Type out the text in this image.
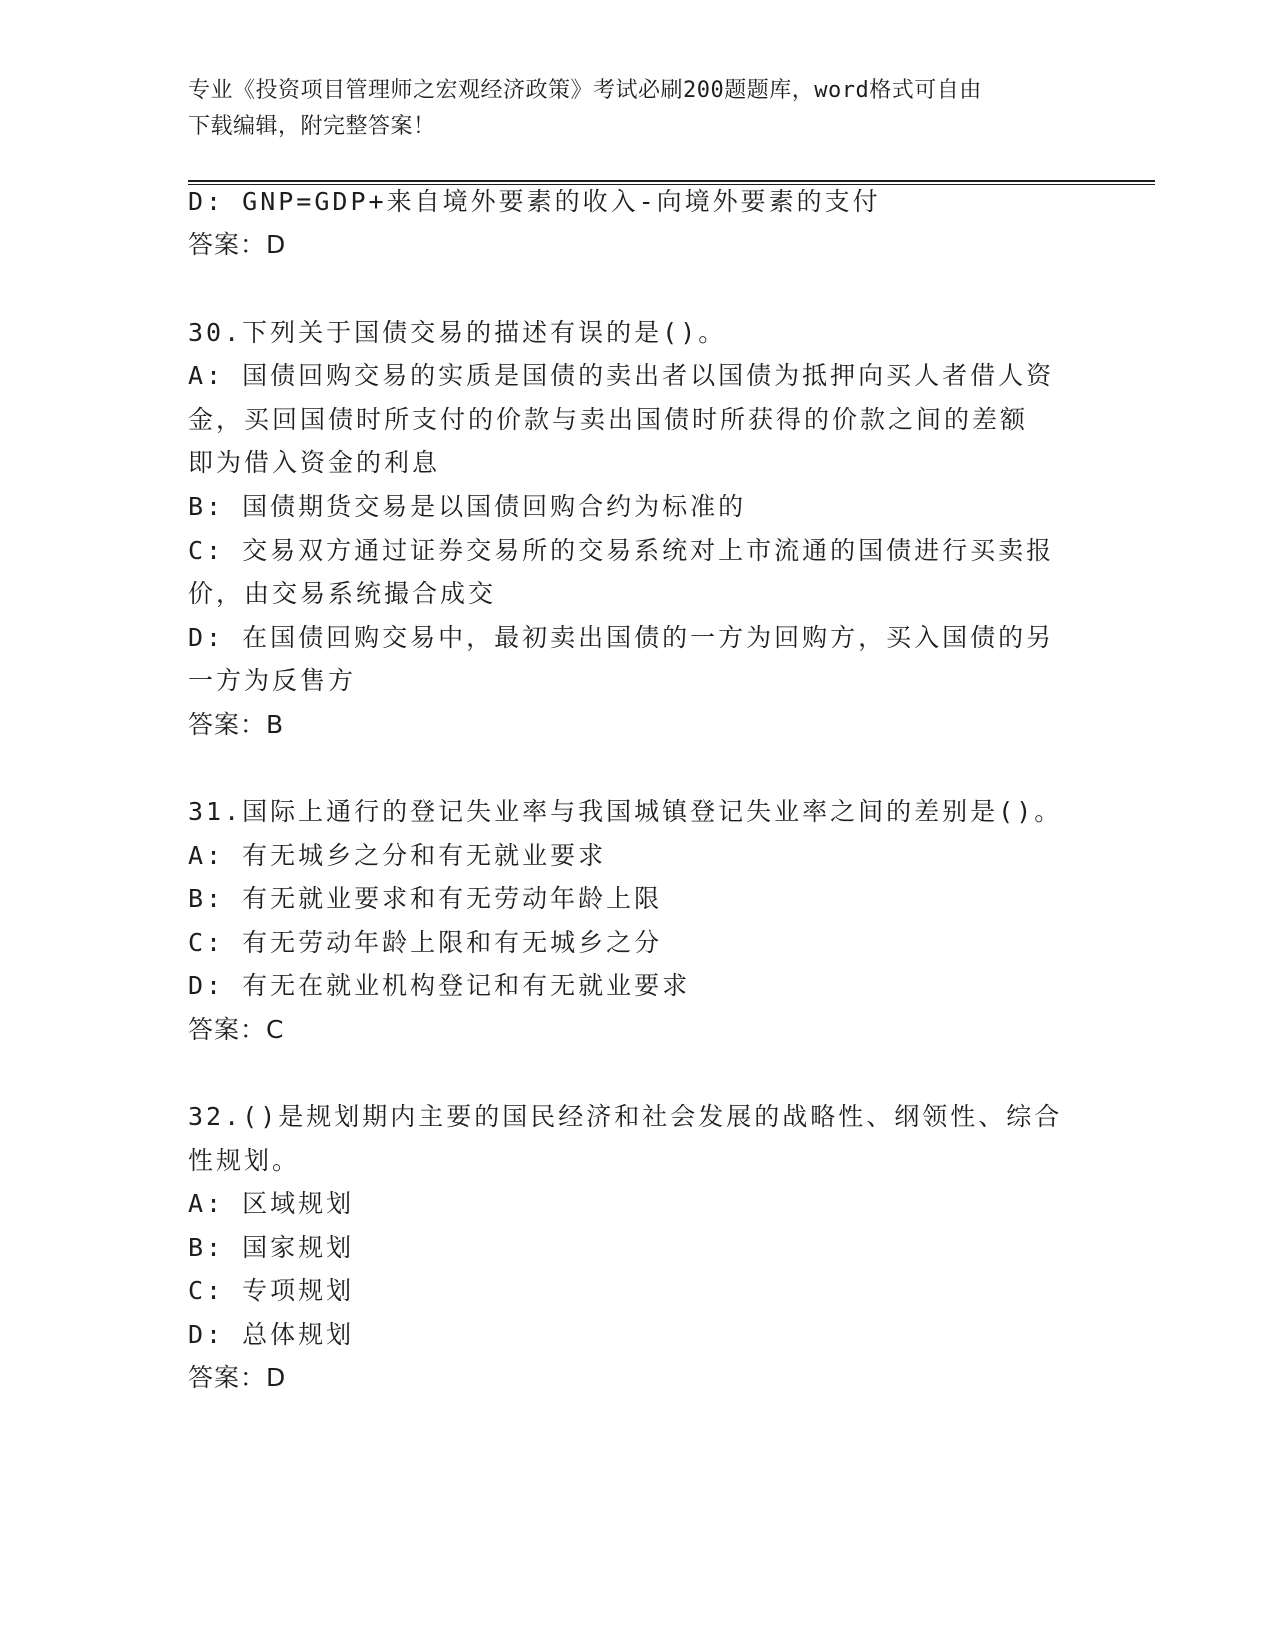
专业《投资项目管理师之宏观经济政策》考试必刷200题题库，word格式可自由
下载编辑，附完整答案！
D: GNP=GDP+来自境外要素的收入-向境外要素的支付
答案：D
30.下列关于国债交易的描述有误的是()。
A: 国债回购交易的实质是国债的卖出者以国债为抵押向买人者借人资
金，买回国债时所支付的价款与卖出国债时所获得的价款之间的差额
即为借入资金的利息
B: 国债期货交易是以国债回购合约为标准的
C: 交易双方通过证券交易所的交易系统对上市流通的国债进行买卖报
价，由交易系统撮合成交
D: 在国债回购交易中，最初卖出国债的一方为回购方，买入国债的另
一方为反售方
答案：B
31.国际上通行的登记失业率与我国城镇登记失业率之间的差别是()。
A: 有无城乡之分和有无就业要求
B: 有无就业要求和有无劳动年龄上限
C: 有无劳动年龄上限和有无城乡之分
D: 有无在就业机构登记和有无就业要求
答案：C
32.()是规划期内主要的国民经济和社会发展的战略性、纲领性、综合
性规划。
A: 区域规划
B: 国家规划
C: 专项规划
D: 总体规划
答案：D
